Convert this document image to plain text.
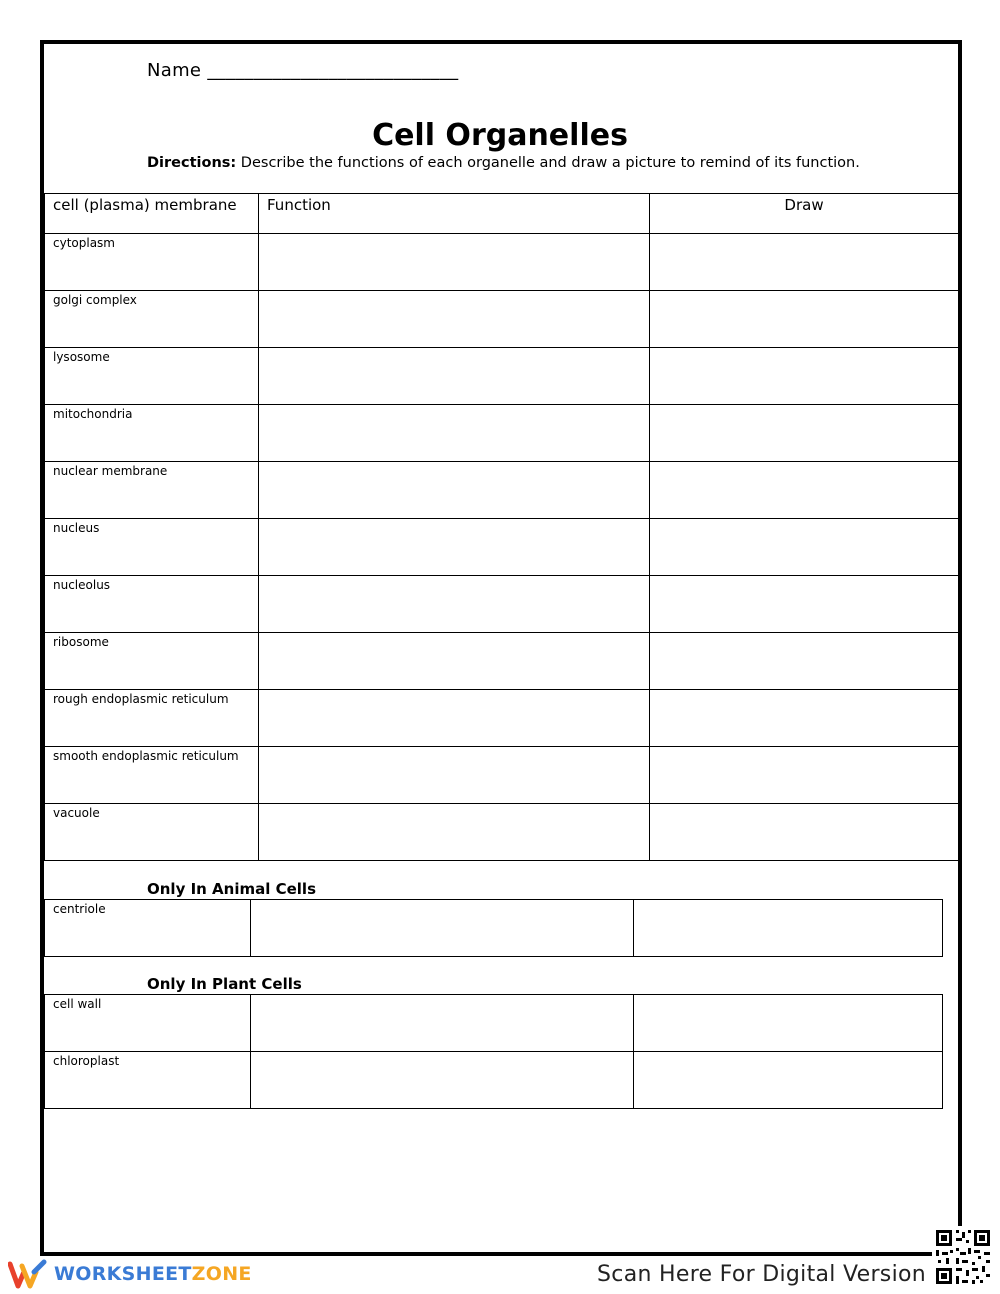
Name ___________________________
Cell Organelles
Directions: Describe the functions of each organelle and draw a picture to remind of its function.
cell (plasma) membrane	Function	Draw

cytoplasm		

golgi complex		

lysosome		

mitochondria		

nuclear membrane		

nucleus		

nucleolus		

ribosome		

rough endoplasmic reticulum		

smooth endoplasmic reticulum		

vacuole		

Only In Animal Cells
centriole

Only In Plant Cells
cell wall		

chloroplast		

WORKSHEETZONE	Scan Here For Digital Version
